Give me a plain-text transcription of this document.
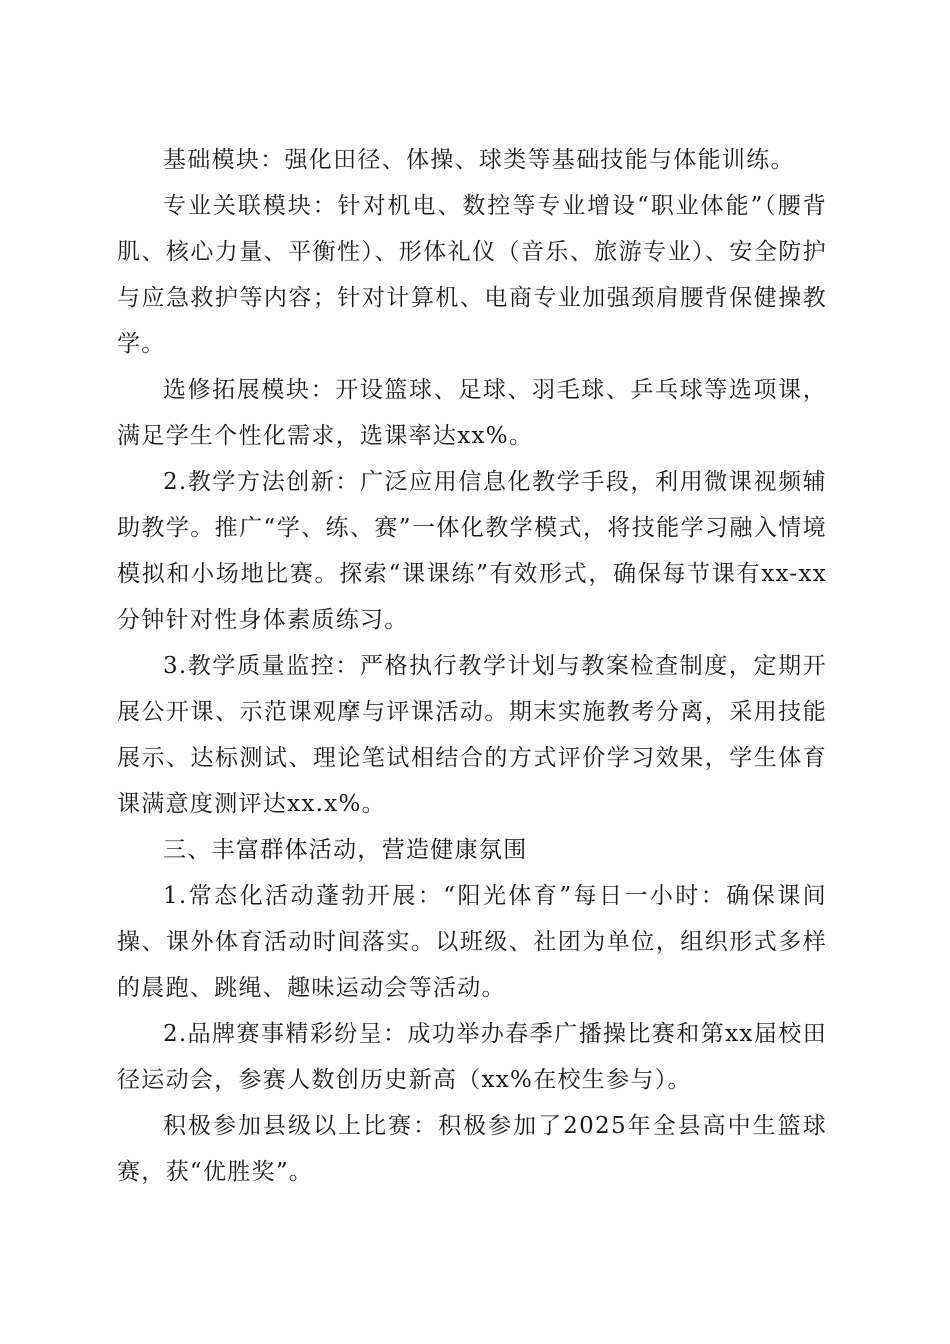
基础模块：强化田径、体操、球类等基础技能与体能训练。

专业关联模块：针对机电、数控等专业增设“职业体能”（腰背肌、核心力量、平衡性）、形体礼仪（音乐、旅游专业）、安全防护与应急救护等内容；针对计算机、电商专业加强颈肩腰背保健操教学。

选修拓展模块：开设篮球、足球、羽毛球、乒乓球等选项课，满足学生个性化需求，选课率达xx%。

2.教学方法创新：广泛应用信息化教学手段，利用微课视频辅助教学。推广“学、练、赛”一体化教学模式，将技能学习融入情境模拟和小场地比赛。探索“课课练”有效形式，确保每节课有xx-xx分钟针对性身体素质练习。

3.教学质量监控：严格执行教学计划与教案检查制度，定期开展公开课、示范课观摩与评课活动。期末实施教考分离，采用技能展示、达标测试、理论笔试相结合的方式评价学习效果，学生体育课满意度测评达xx.x%。

三、丰富群体活动，营造健康氛围

1.常态化活动蓬勃开展：“阳光体育”每日一小时：确保课间操、课外体育活动时间落实。以班级、社团为单位，组织形式多样的晨跑、跳绳、趣味运动会等活动。

2.品牌赛事精彩纷呈：成功举办春季广播操比赛和第xx届校田径运动会，参赛人数创历史新高（xx%在校生参与）。

积极参加县级以上比赛：积极参加了2025年全县高中生篮球赛，获“优胜奖”。
